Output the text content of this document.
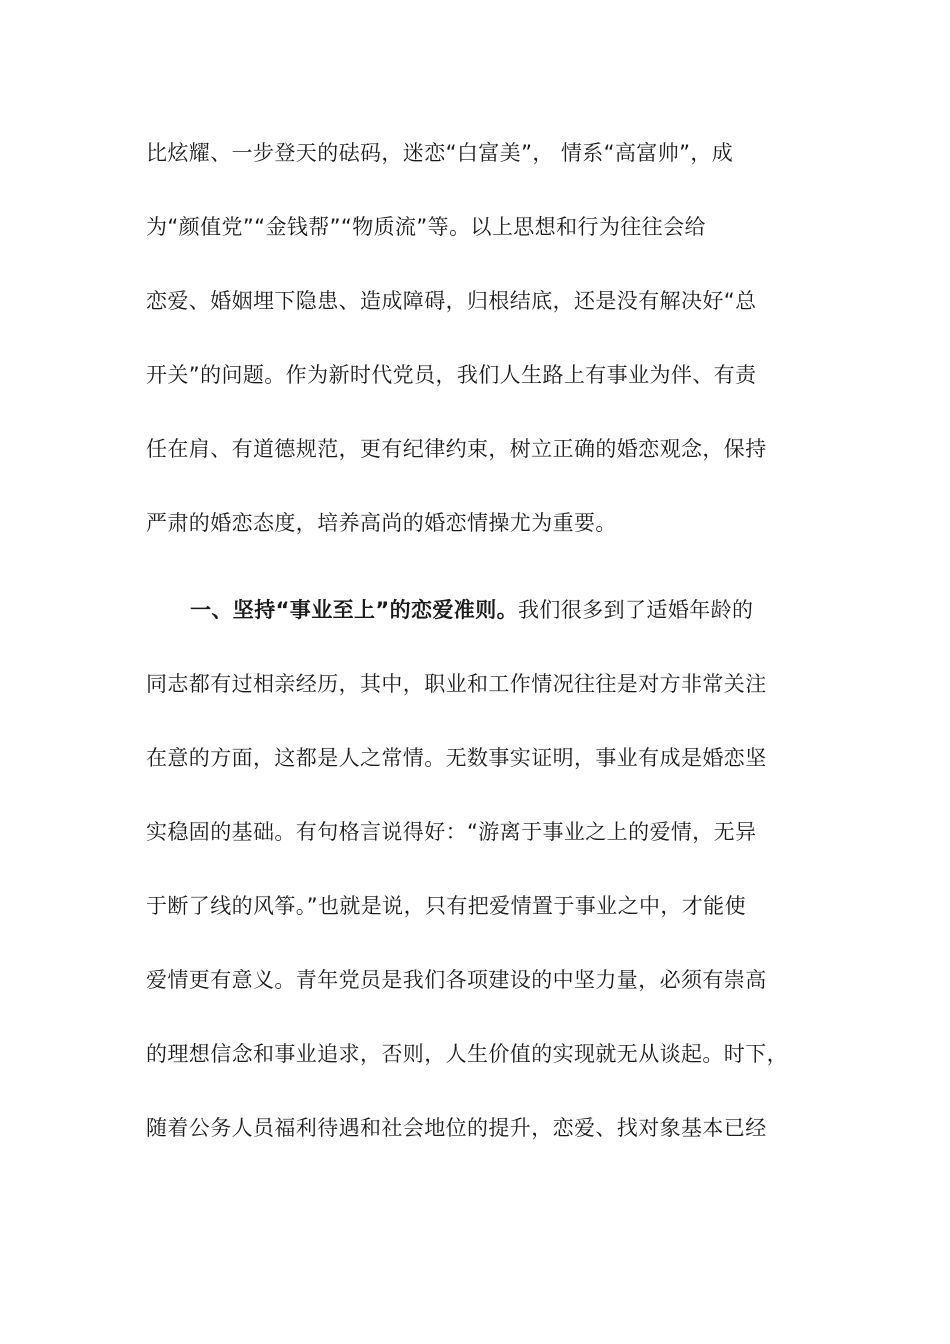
比炫耀、一步登天的砝码，迷恋“白富美”， 情系“高富帅”，成
为“颜值党”“金钱帮”“物质流”等。以上思想和行为往往会给
恋爱、婚姻埋下隐患、造成障碍，归根结底，还是没有解决好“总
开关”的问题。作为新时代党员，我们人生路上有事业为伴、有责
任在肩、有道德规范，更有纪律约束，树立正确的婚恋观念，保持
严肃的婚恋态度，培养高尚的婚恋情操尤为重要。
一、坚持“事业至上”的恋爱准则。我们很多到了适婚年龄的
同志都有过相亲经历，其中，职业和工作情况往往是对方非常关注
在意的方面，这都是人之常情。无数事实证明，事业有成是婚恋坚
实稳固的基础。有句格言说得好：“游离于事业之上的爱情，无异
于断了线的风筝。”也就是说，只有把爱情置于事业之中，才能使
爱情更有意义。青年党员是我们各项建设的中坚力量，必须有崇高
的理想信念和事业追求，否则，人生价值的实现就无从谈起。时下，
随着公务人员福利待遇和社会地位的提升，恋爱、找对象基本已经
